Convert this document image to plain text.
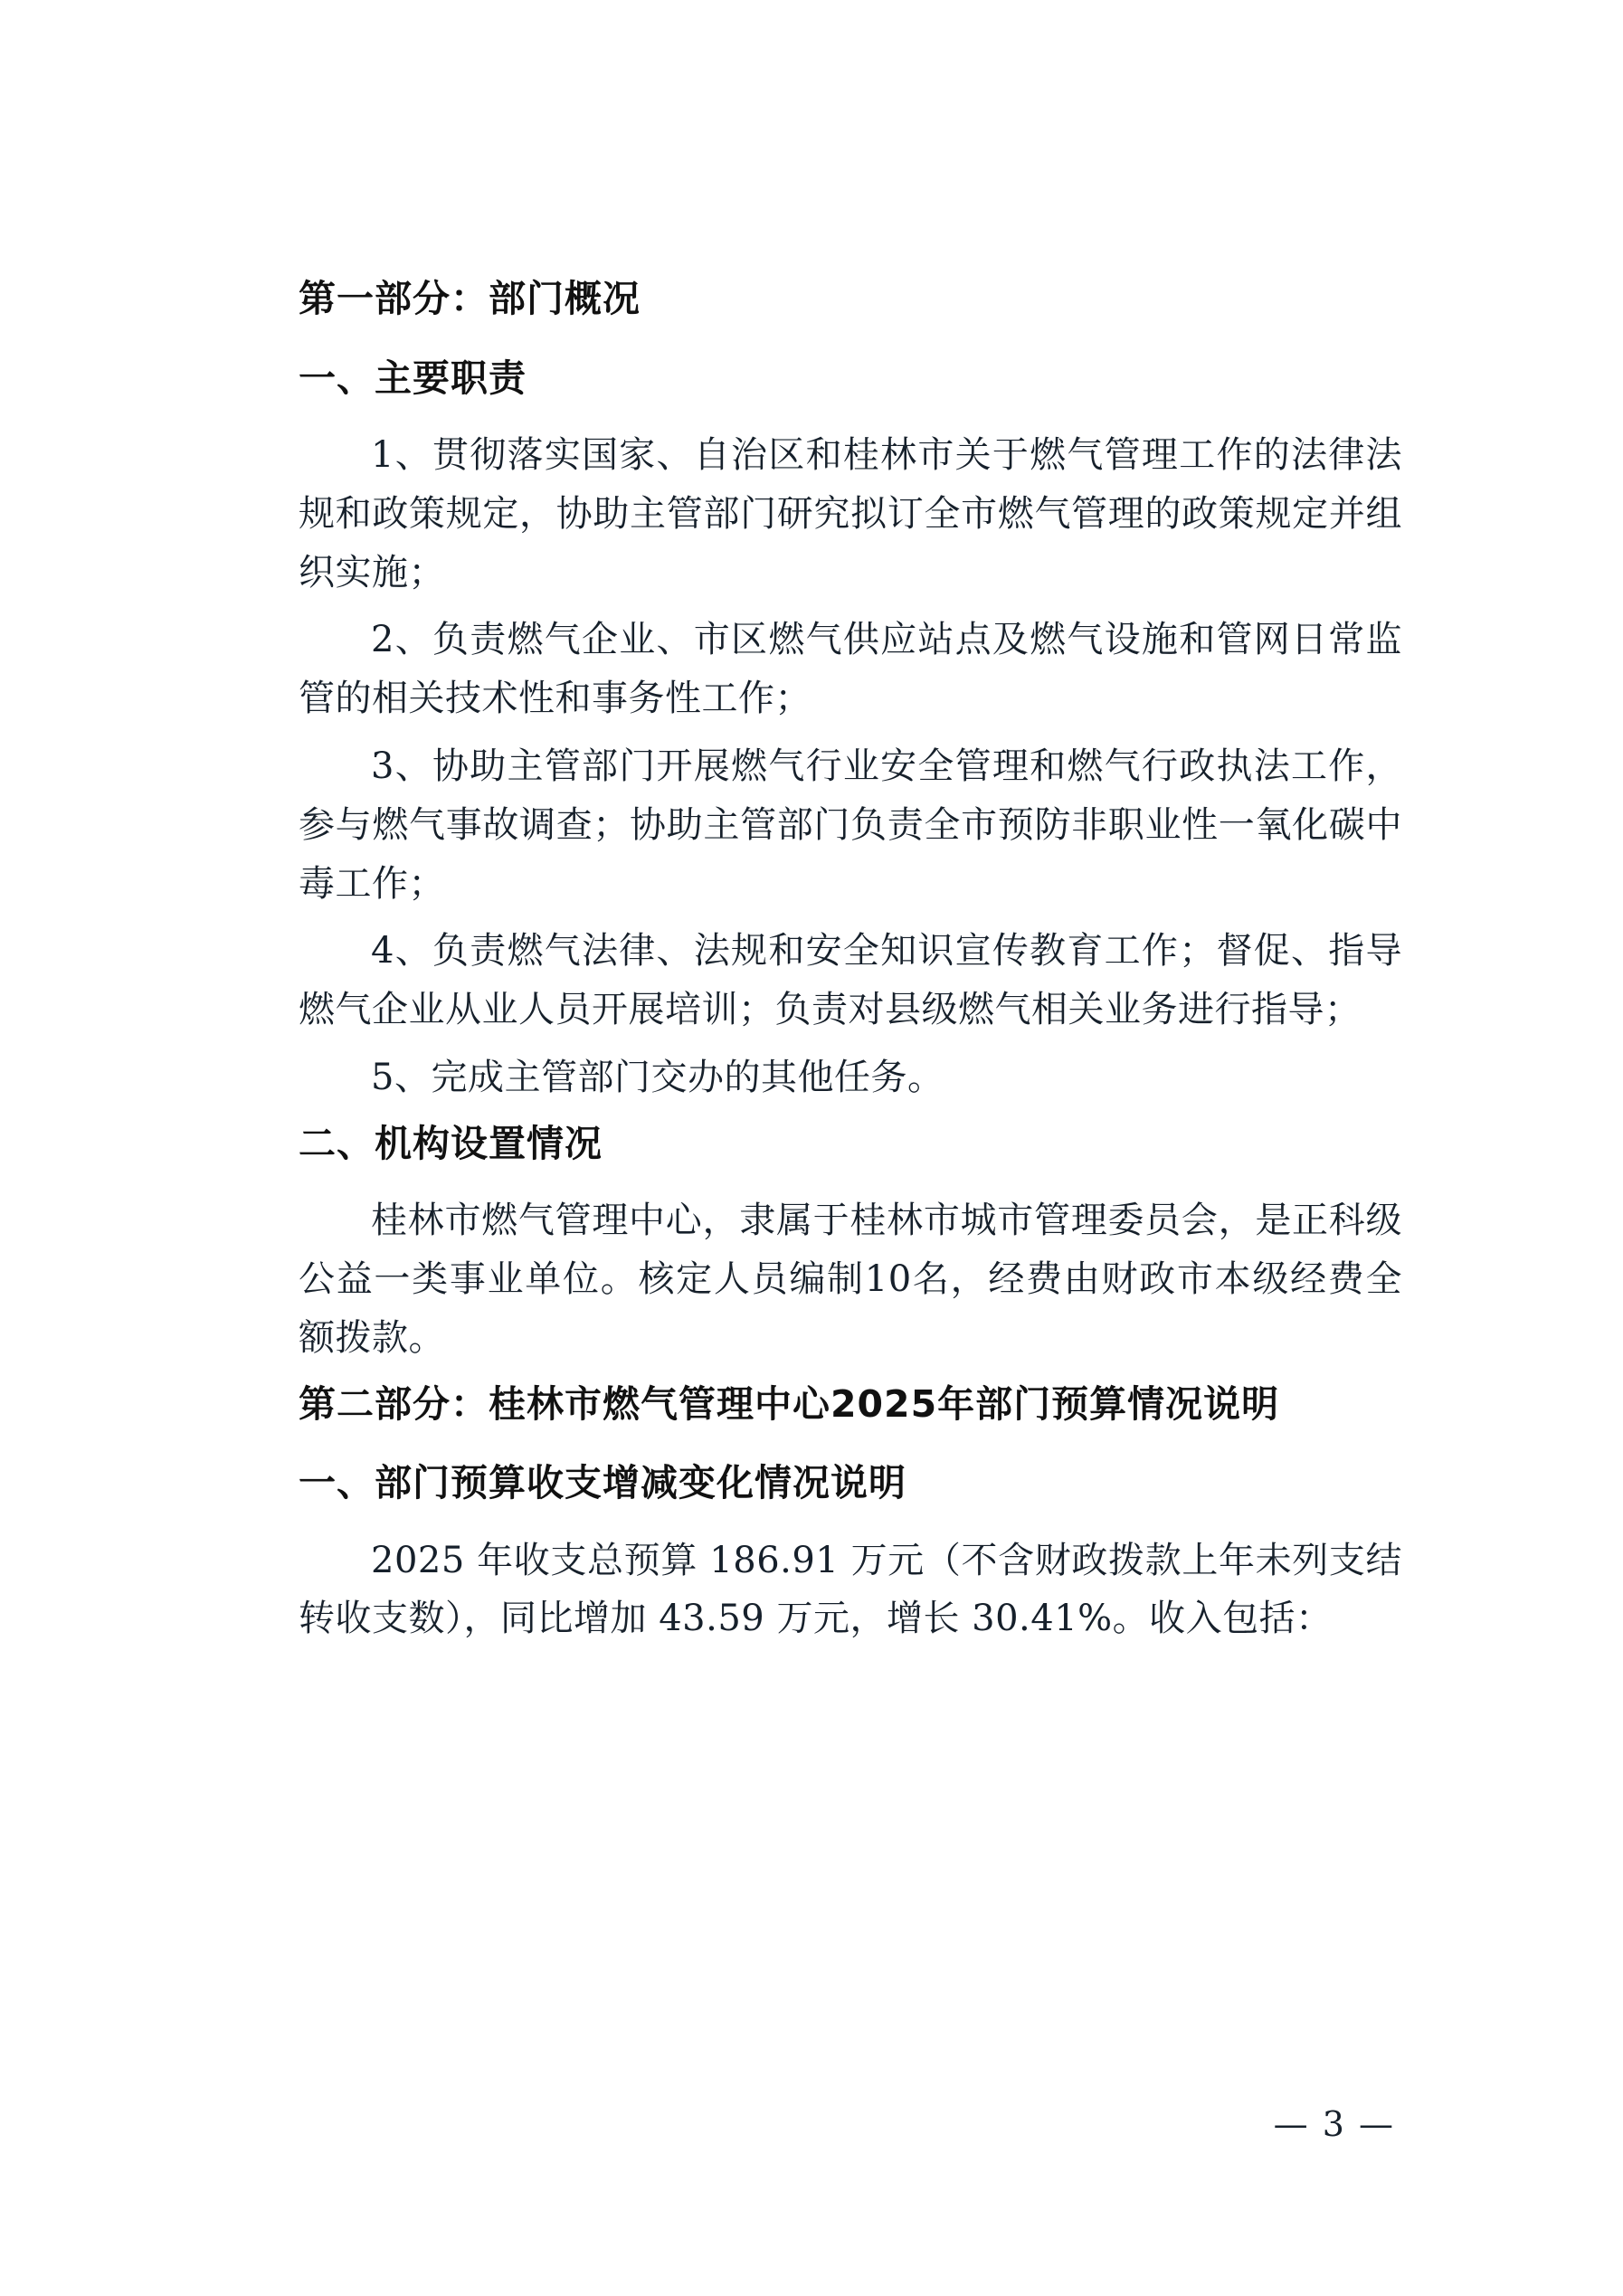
第一部分：部门概况
一、主要职责

1、贯彻落实国家、自治区和桂林市关于燃气管理工作的法律法规和政策规定，协助主管部门研究拟订全市燃气管理的政策规定并组织实施；

2、负责燃气企业、市区燃气供应站点及燃气设施和管网日常监管的相关技术性和事务性工作；

3、协助主管部门开展燃气行业安全管理和燃气行政执法工作，参与燃气事故调查；协助主管部门负责全市预防非职业性一氧化碳中毒工作；

4、负责燃气法律、法规和安全知识宣传教育工作；督促、指导燃气企业从业人员开展培训；负责对县级燃气相关业务进行指导；

5、完成主管部门交办的其他任务。

二、机构设置情况

桂林市燃气管理中心，隶属于桂林市城市管理委员会，是正科级公益一类事业单位。核定人员编制10名，经费由财政市本级经费全额拨款。

第二部分：桂林市燃气管理中心2025年部门预算情况说明
一、部门预算收支增减变化情况说明

2025 年收支总预算 186.91 万元（不含财政拨款上年未列支结转收支数），同比增加 43.59 万元，增长 30.41%。收入包括：

— 3 —
